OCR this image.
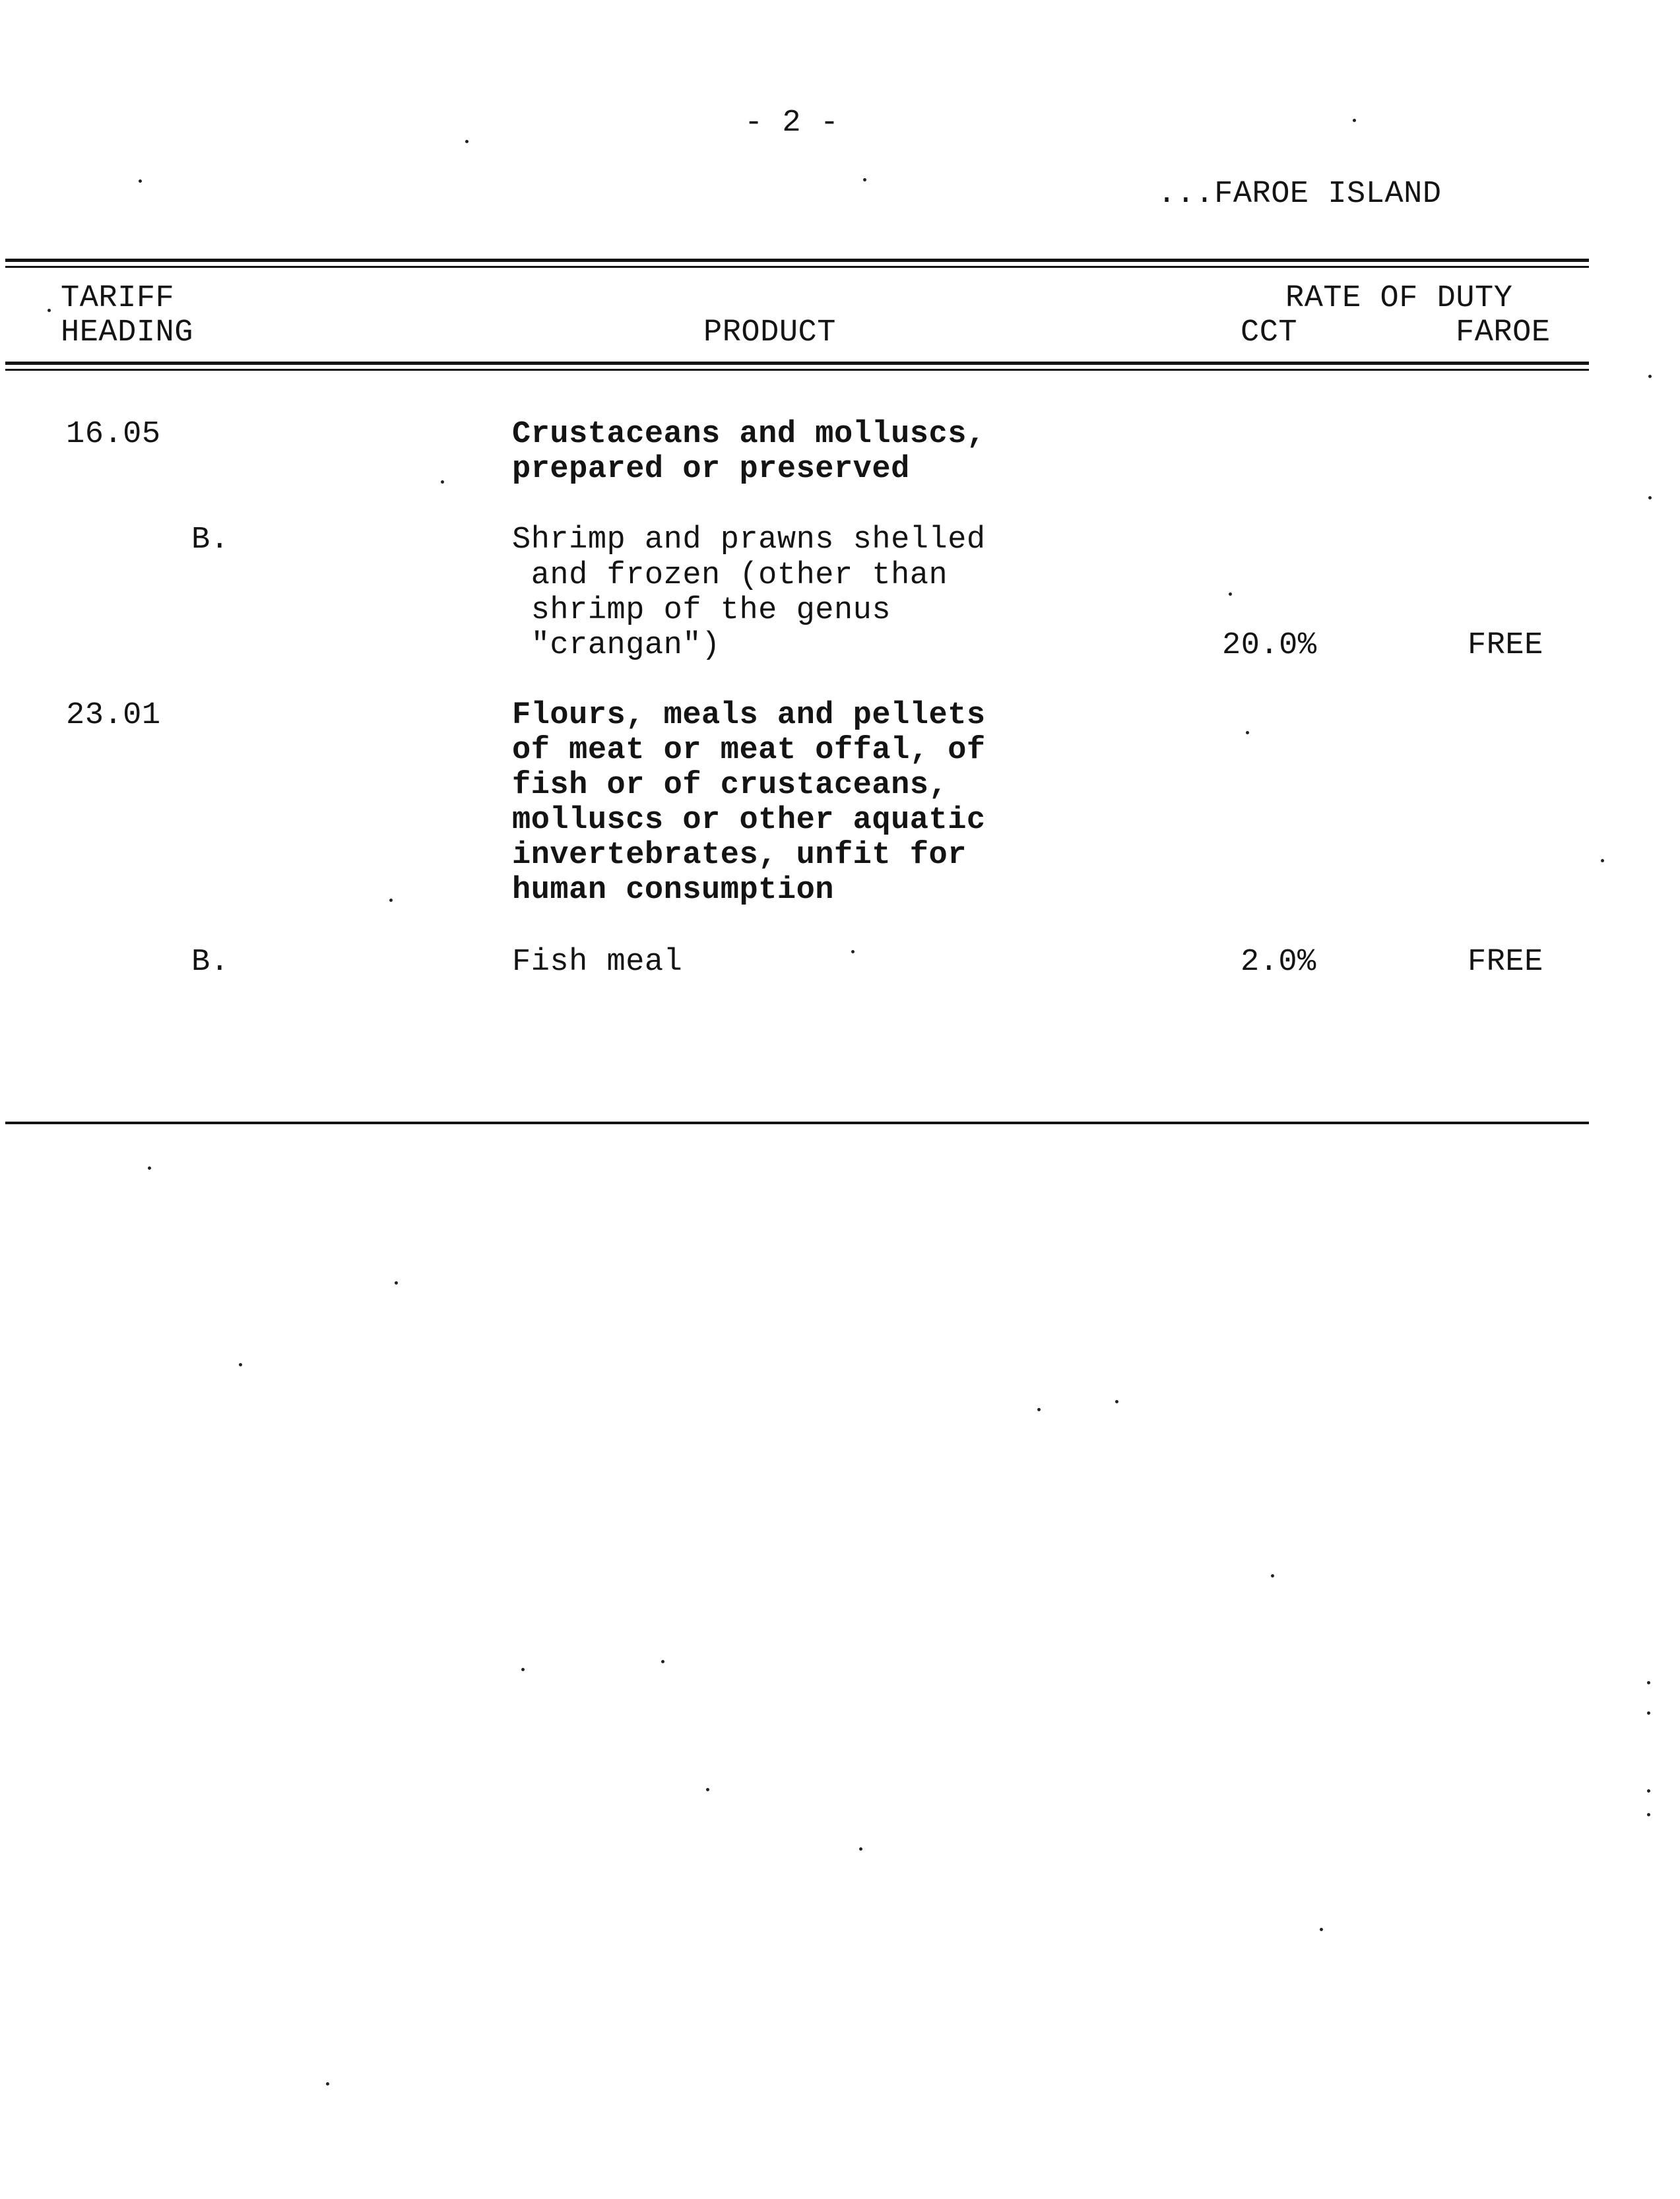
- 2 -
...FAROE ISLAND
TARIFF
HEADING	PRODUCT
RATE OF DUTY
CCT	FAROE
16.05	Crustaceans and molluscs,
prepared or preserved
B.	Shrimp and prawns shelled
and frozen (other than
shrimp of the genus
"crangan")	20.0%	FREE
23.01	Flours, meals and pellets
of meat or meat offal, of
fish or of crustaceans,
molluscs or other aquatic
invertebrates, unfit for
human consumption
B.	Fish meal	2.0%	FREE
